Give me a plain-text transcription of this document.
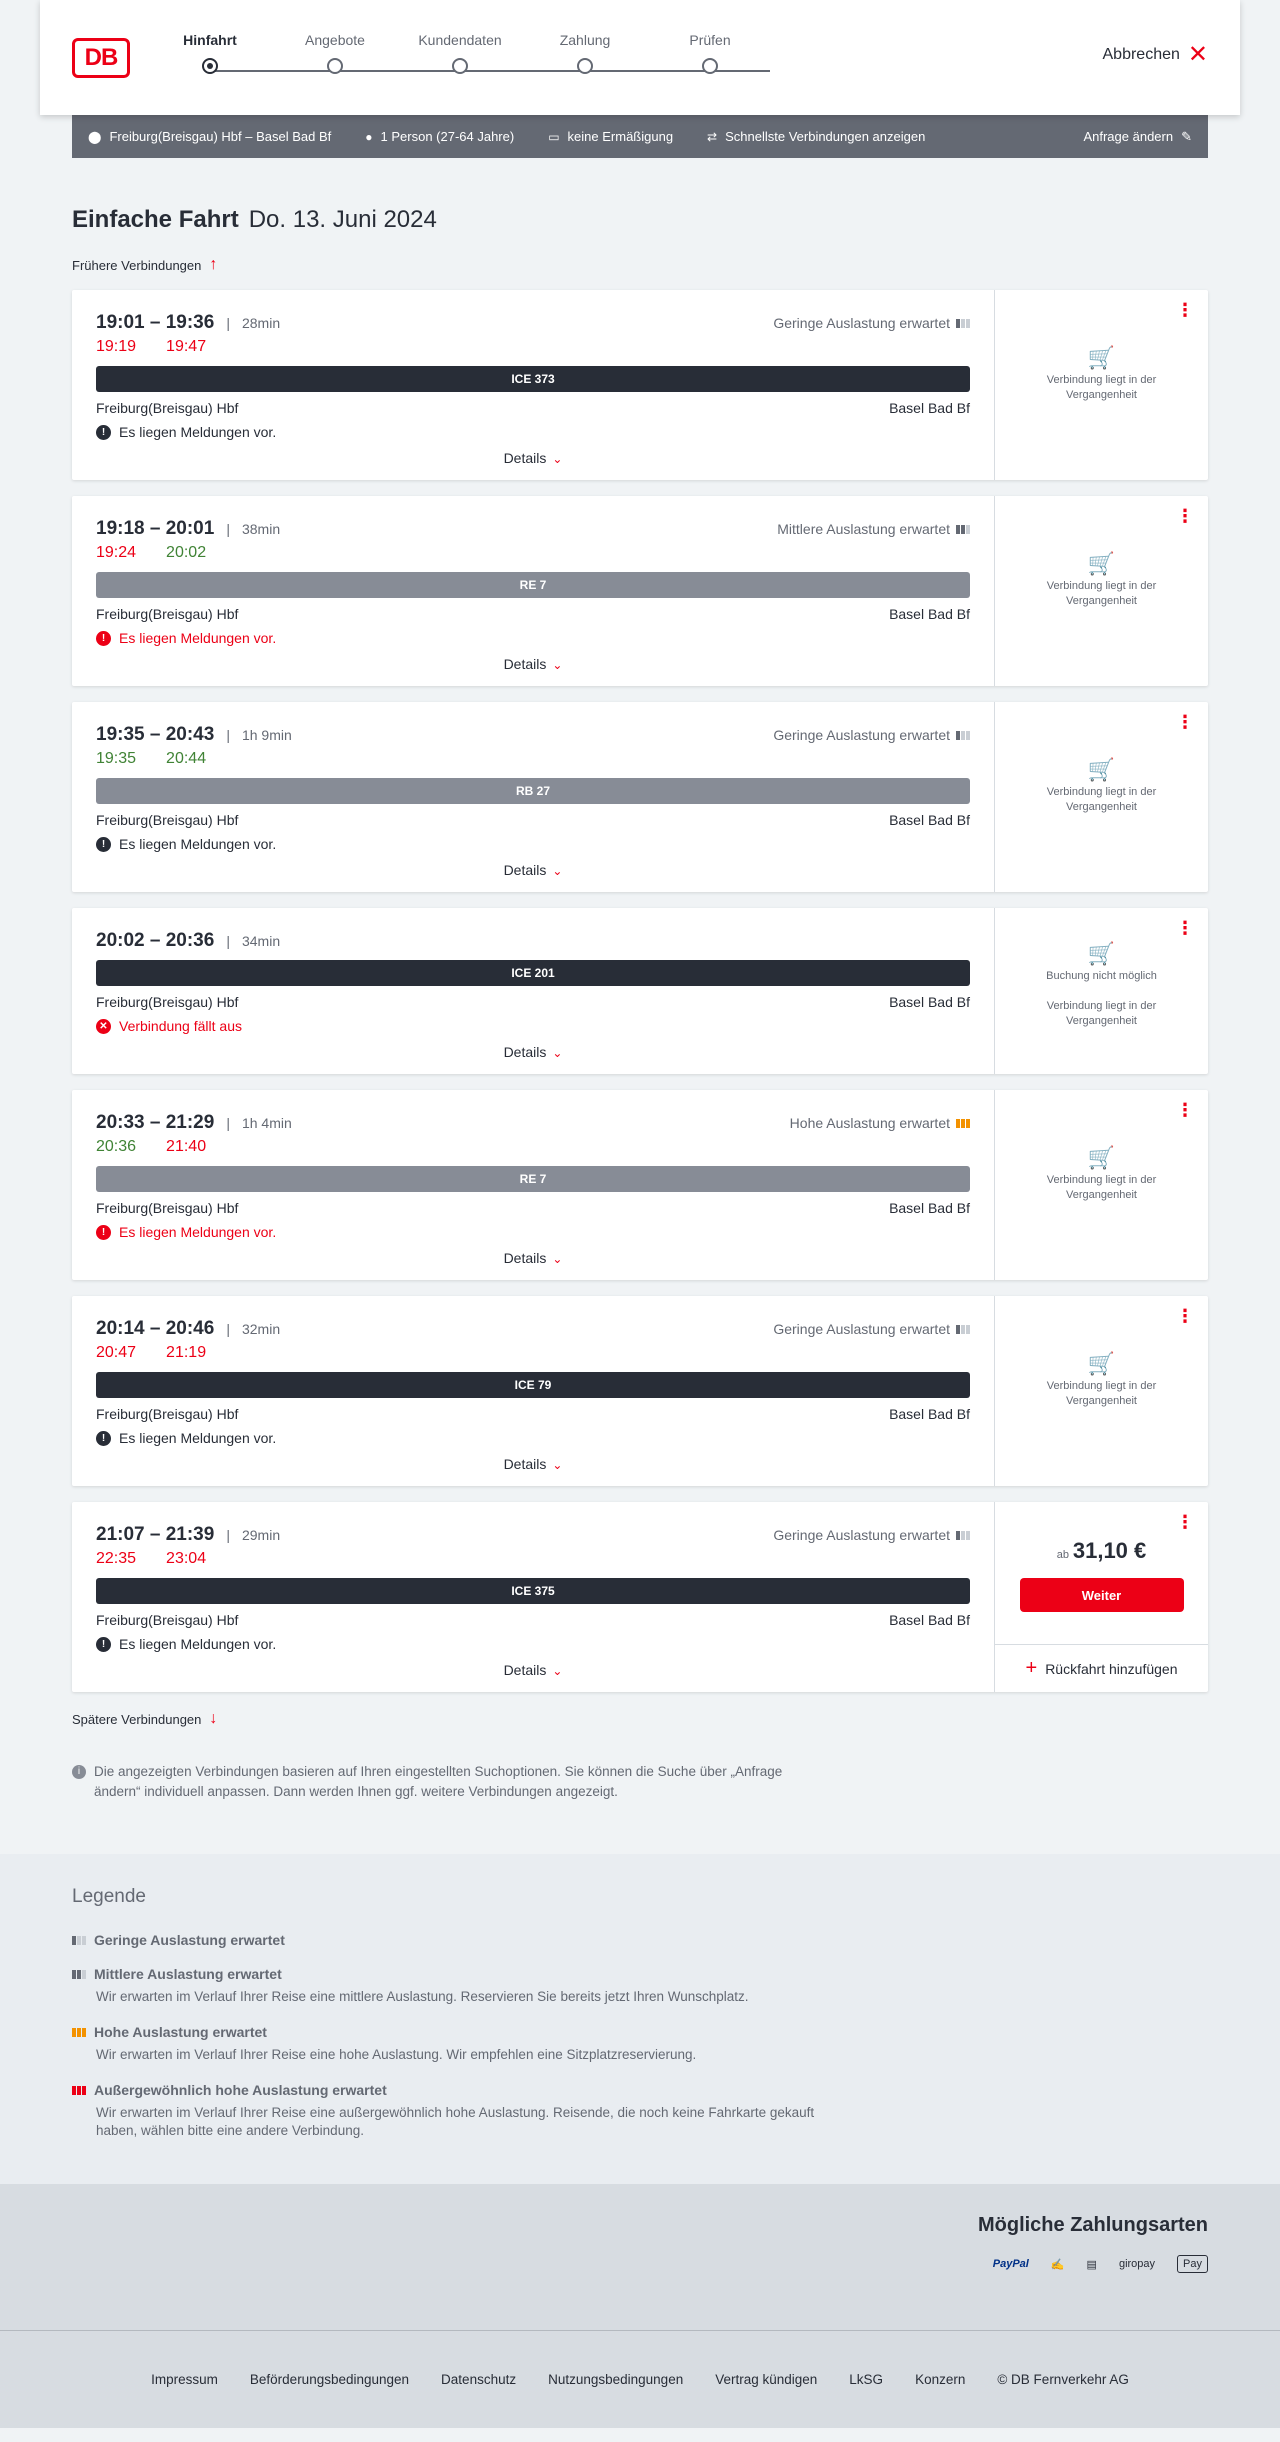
DB
Hinfahrt	Angebote	Kundendaten	Zahlung	Prüfen
Abbrechen ✕
⬤ Freiburg(Breisgau) Hbf – Basel Bad Bf	● 1 Person (27-64 Jahre)	▭ keine Ermäßigung	⇄ Schnellste Verbindungen anzeigen	Anfrage ändern ✎
Einfache Fahrt Do. 13. Juni 2024
Frühere Verbindungen ↑
19:01 – 19:36 | 28min	Geringe Auslastung erwartet
19:19 19:47
ICE 373
Freiburg(Breisgau) Hbf	Basel Bad Bf
! Es liegen Meldungen vor.
Details ⌄
⋮
🛒
Verbindung liegt in der Vergangenheit
19:18 – 20:01 | 38min	Mittlere Auslastung erwartet
19:24 20:02
RE 7
Freiburg(Breisgau) Hbf	Basel Bad Bf
! Es liegen Meldungen vor.
Details ⌄
⋮
🛒
Verbindung liegt in der Vergangenheit
19:35 – 20:43 | 1h 9min	Geringe Auslastung erwartet
19:35 20:44
RB 27
Freiburg(Breisgau) Hbf	Basel Bad Bf
! Es liegen Meldungen vor.
Details ⌄
⋮
🛒
Verbindung liegt in der Vergangenheit
20:02 – 20:36 | 34min
ICE 201
Freiburg(Breisgau) Hbf	Basel Bad Bf
✕ Verbindung fällt aus
Details ⌄
⋮
🛒
Buchung nicht möglich

Verbindung liegt in der Vergangenheit
20:33 – 21:29 | 1h 4min	Hohe Auslastung erwartet
20:36 21:40
RE 7
Freiburg(Breisgau) Hbf	Basel Bad Bf
! Es liegen Meldungen vor.
Details ⌄
⋮
🛒
Verbindung liegt in der Vergangenheit
20:14 – 20:46 | 32min	Geringe Auslastung erwartet
20:47 21:19
ICE 79
Freiburg(Breisgau) Hbf	Basel Bad Bf
! Es liegen Meldungen vor.
Details ⌄
⋮
🛒
Verbindung liegt in der Vergangenheit
21:07 – 21:39 | 29min	Geringe Auslastung erwartet
22:35 23:04
ICE 375
Freiburg(Breisgau) Hbf	Basel Bad Bf
! Es liegen Meldungen vor.
Details ⌄
⋮
ab 31,10 €
Weiter
+ Rückfahrt hinzufügen
Spätere Verbindungen ↓
i	Die angezeigten Verbindungen basieren auf Ihren eingestellten Suchoptionen. Sie können die Suche über „Anfrage ändern“ individuell anpassen. Dann werden Ihnen ggf. weitere Verbindungen angezeigt.
Legende
Geringe Auslastung erwartet
Mittlere Auslastung erwartet
Wir erwarten im Verlauf Ihrer Reise eine mittlere Auslastung. Reservieren Sie bereits jetzt Ihren Wunschplatz.
Hohe Auslastung erwartet
Wir erwarten im Verlauf Ihrer Reise eine hohe Auslastung. Wir empfehlen eine Sitzplatzreservierung.
Außergewöhnlich hohe Auslastung erwartet
Wir erwarten im Verlauf Ihrer Reise eine außergewöhnlich hohe Auslastung. Reisende, die noch keine Fahrkarte gekauft haben, wählen bitte eine andere Verbindung.
Mögliche Zahlungsarten
PayPal ✍ ▤ giropay	Pay
Impressum Beförderungsbedingungen Datenschutz Nutzungsbedingungen Vertrag kündigen LkSG Konzern © DB Fernverkehr AG
